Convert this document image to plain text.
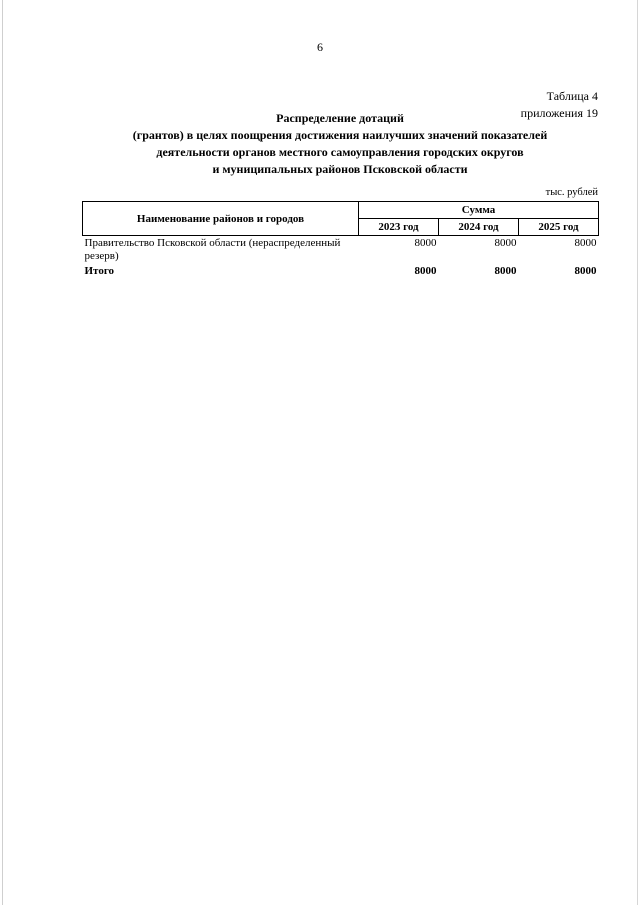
6
Таблица 4
приложения 19
Распределение дотаций
(грантов) в целях поощрения достижения наилучших значений показателей
деятельности органов местного самоуправления городских округов
и муниципальных районов Псковской области
тыс. рублей
Наименование районов и городов	Сумма		
	2023 год	2024 год	2025 год
Правительство Псковской области (нераспределенный резерв)	8000	8000	8000
Итого	8000	8000	8000
